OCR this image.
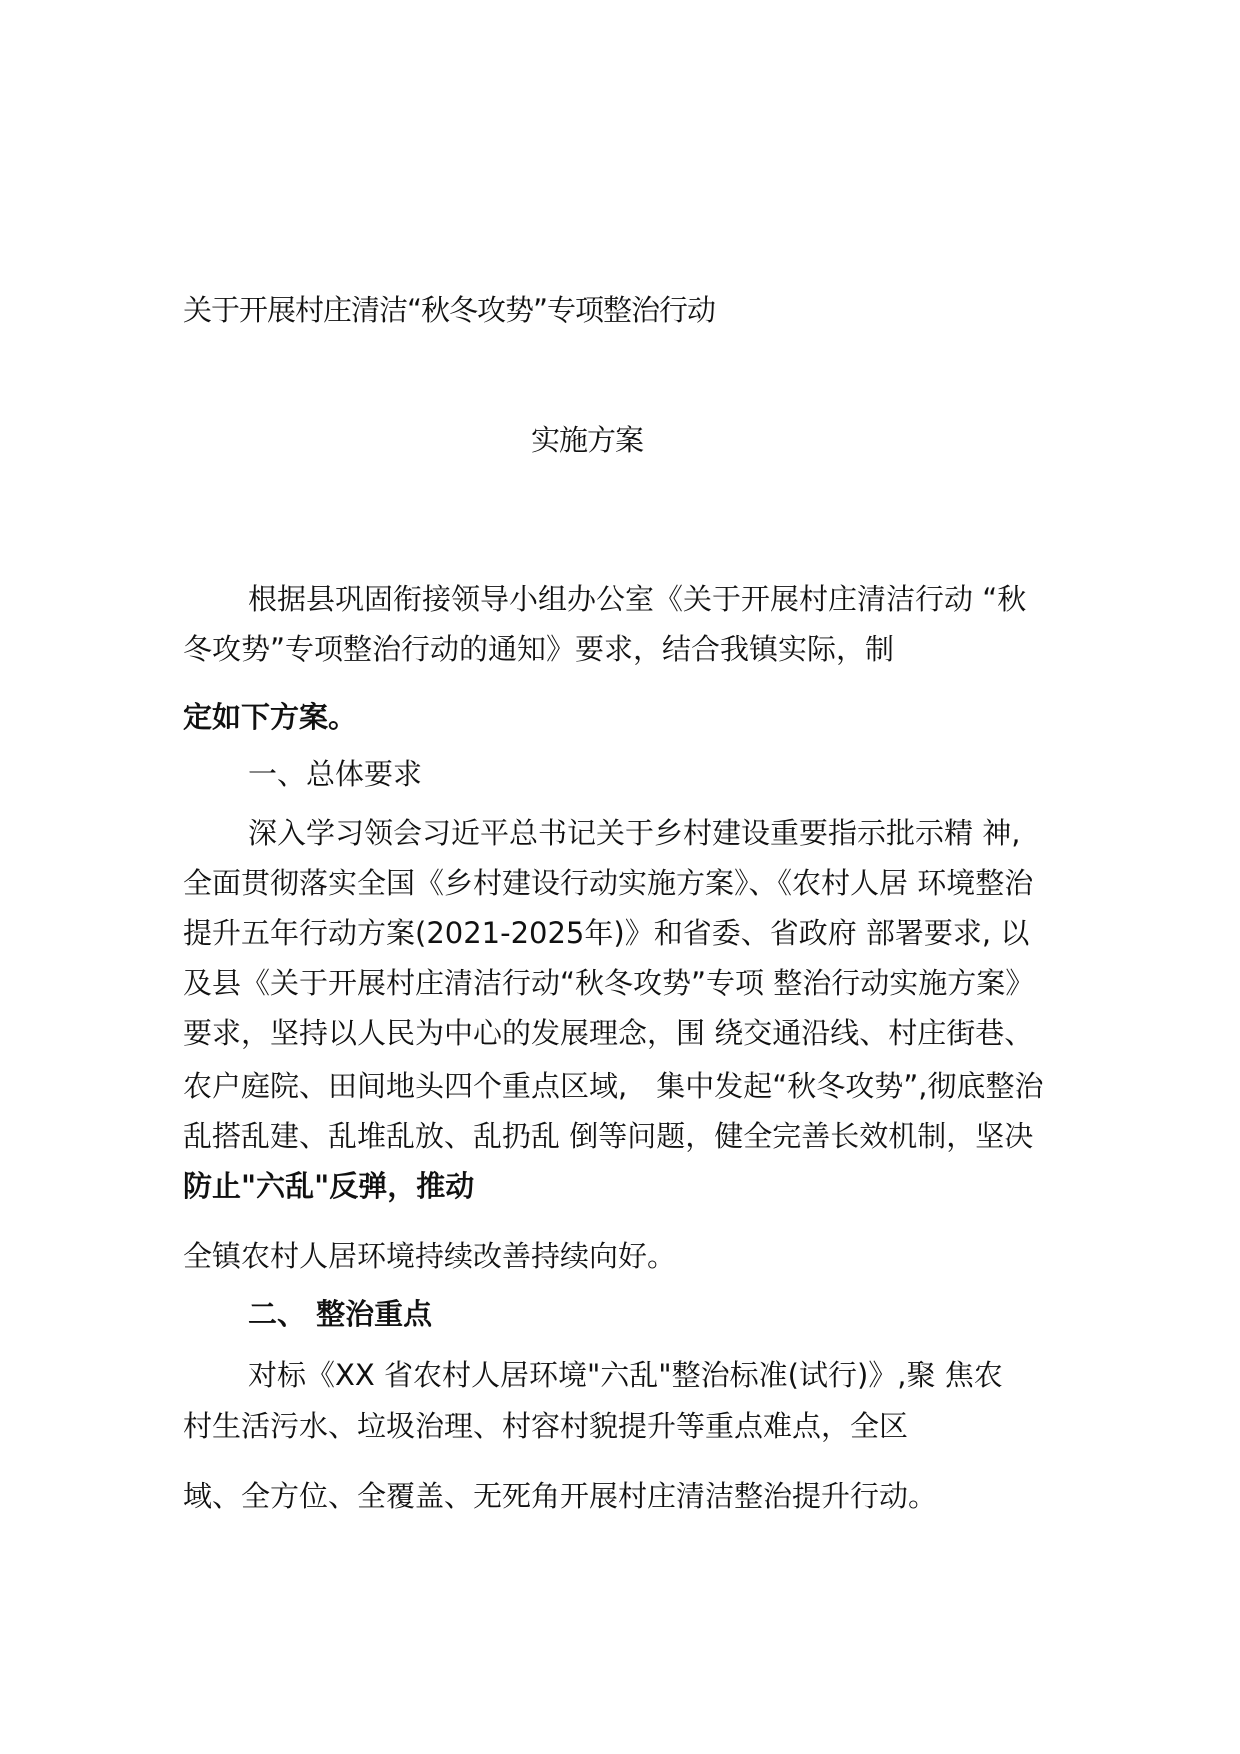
关于开展村庄清洁“秋冬攻势”专项整治行动
实施方案
根据县巩固衔接领导小组办公室《关于开展村庄清洁行动 “秋
冬攻势”专项整治行动的通知》要求，结合我镇实际，制
定如下方案。
一、总体要求
深入学习领会习近平总书记关于乡村建设重要指示批示精 神,
全面贯彻落实全国《乡村建设行动实施方案》、《农村人居 环境整治
提升五年行动方案(2021-2025年)》和省委、省政府 部署要求, 以
及县《关于开展村庄清洁行动“秋冬攻势”专项 整治行动实施方案》
要求，坚持以人民为中心的发展理念，围 绕交通沿线、村庄街巷、
农户庭院、田间地头四个重点区域,　集中发起“秋冬攻势”,彻底整治
乱搭乱建、乱堆乱放、乱扔乱 倒等问题，健全完善长效机制，坚决
防止"六乱"反弹，推动
全镇农村人居环境持续改善持续向好。
二、 整治重点
对标《XX 省农村人居环境"六乱"整治标准(试行)》,聚 焦农
村生活污水、垃圾治理、村容村貌提升等重点难点，全区
域、全方位、全覆盖、无死角开展村庄清洁整治提升行动。
